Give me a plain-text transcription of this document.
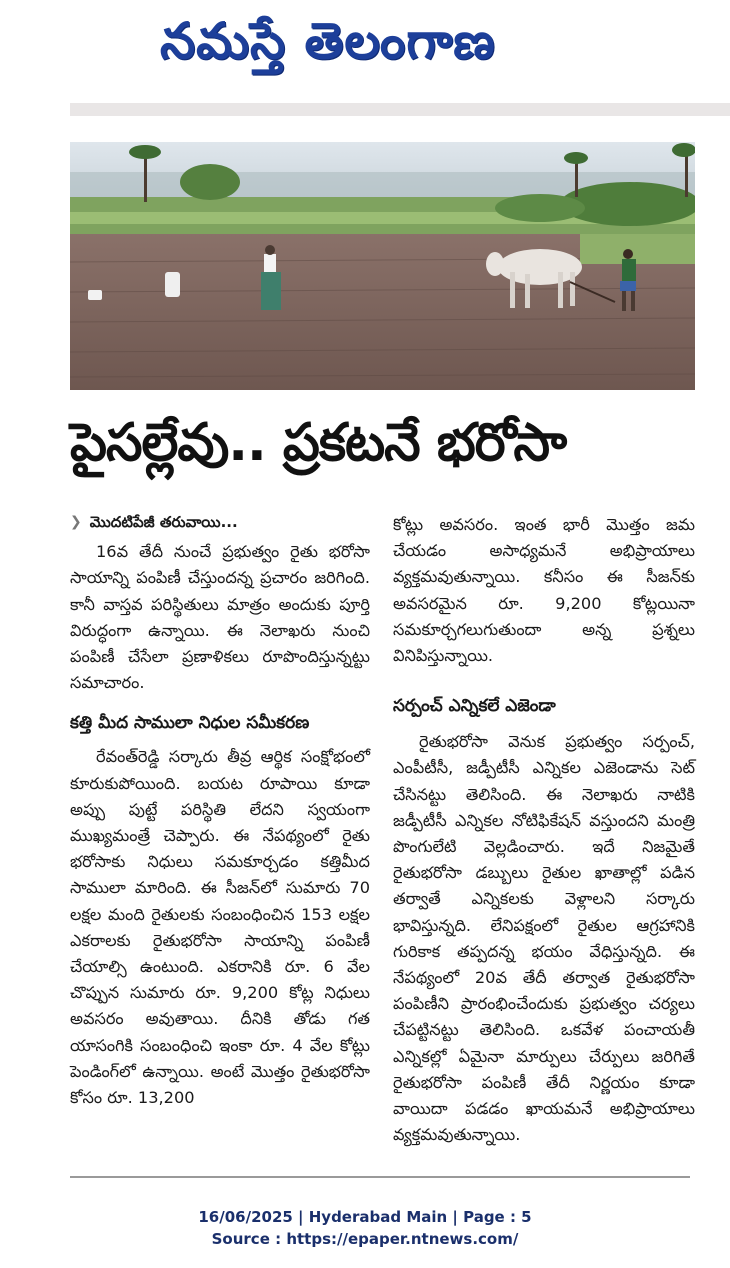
నమస్తే తెలంగాణ
పైసల్లేవు.. ప్రకటనే భరోసా
❯ మొదటిపేజీ తరువాయి...

16వ తేదీ నుంచే ప్రభుత్వం రైతు భరోసా సాయాన్ని పంపిణీ చేస్తుందన్న ప్రచారం జరిగింది. కానీ వాస్తవ పరిస్థితులు మాత్రం అందుకు పూర్తి విరుద్ధంగా ఉన్నాయి. ఈ నెలాఖరు నుంచి పంపిణీ చేసేలా ప్రణాళికలు రూపొందిస్తున్నట్టు సమాచారం.

కత్తి మీద సాములా నిధుల సమీకరణ

రేవంత్‌రెడ్డి సర్కారు తీవ్ర ఆర్థిక సంక్షోభంలో కూరుకుపోయింది. బయట రూపాయి కూడా అప్పు పుట్టే పరిస్థితి లేదని స్వయంగా ముఖ్యమంత్రే చెప్పారు. ఈ నేపథ్యంలో రైతు భరోసాకు నిధులు సమకూర్చడం కత్తిమీద సాములా మారింది. ఈ సీజన్‌లో సుమారు 70 లక్షల మంది రైతులకు సంబంధించిన 153 లక్షల ఎకరాలకు రైతుభరోసా సాయాన్ని పంపిణీ చేయాల్సి ఉంటుంది. ఎకరానికి రూ. 6 వేల చొప్పున సుమారు రూ. 9,200 కోట్ల నిధులు అవసరం అవుతాయి. దీనికి తోడు గత యాసంగికి సంబంధించి ఇంకా రూ. 4 వేల కోట్లు పెండింగ్‌లో ఉన్నాయి. అంటే మొత్తం రైతుభరోసా కోసం రూ. 13,200

కోట్లు అవసరం. ఇంత భారీ మొత్తం జమ చేయడం అసాధ్యమనే అభిప్రాయాలు వ్యక్తమవుతున్నాయి. కనీసం ఈ సీజన్‌కు అవసరమైన రూ. 9,200 కోట్లయినా సమకూర్చగలుగుతుందా అన్న ప్రశ్నలు వినిపిస్తున్నాయి.

సర్పంచ్ ఎన్నికలే ఎజెండా

రైతుభరోసా వెనుక ప్రభుత్వం సర్పంచ్, ఎంపీటీసీ, జడ్పీటీసీ ఎన్నికల ఎజెండాను సెట్ చేసినట్టు తెలిసింది. ఈ నెలాఖరు నాటికి జడ్పీటీసీ ఎన్నికల నోటిఫికేషన్ వస్తుందని మంత్రి పొంగులేటి వెల్లడించారు. ఇదే నిజమైతే రైతుభరోసా డబ్బులు రైతుల ఖాతాల్లో పడిన తర్వాతే ఎన్నికలకు వెళ్లాలని సర్కారు భావిస్తున్నది. లేనిపక్షంలో రైతుల ఆగ్రహానికి గురికాక తప్పదన్న భయం వేధిస్తున్నది. ఈ నేపథ్యంలో 20వ తేదీ తర్వాత రైతుభరోసా పంపిణీని ప్రారంభించేందుకు ప్రభుత్వం చర్యలు చేపట్టినట్టు తెలిసింది. ఒకవేళ పంచాయతీ ఎన్నికల్లో ఏమైనా మార్పులు చేర్పులు జరిగితే రైతుభరోసా పంపిణీ తేదీ నిర్ణయం కూడా వాయిదా పడడం ఖాయమనే అభిప్రాయాలు వ్యక్తమవుతున్నాయి.

16/06/2025 | Hyderabad Main | Page : 5
Source : https://epaper.ntnews.com/
